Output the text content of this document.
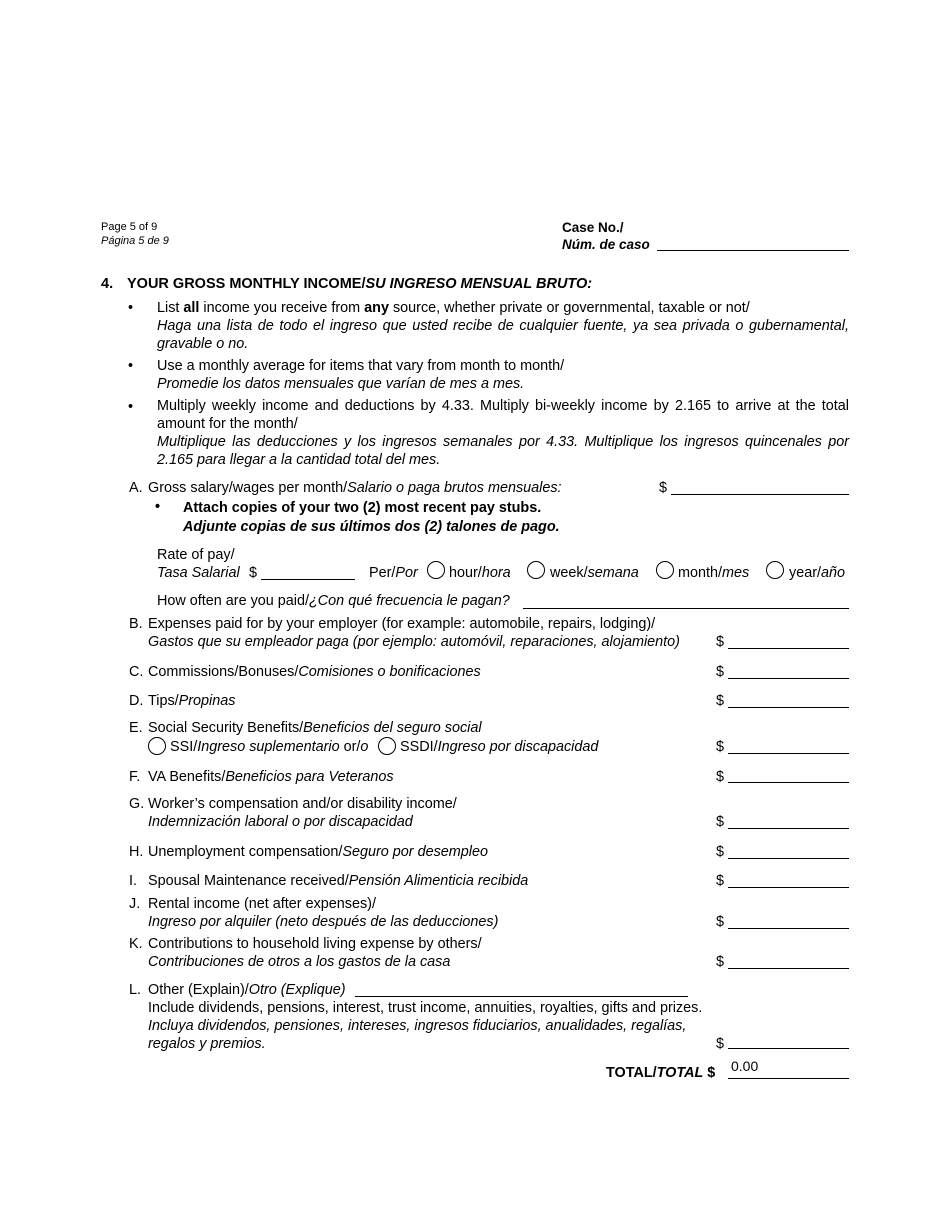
Page 5 of 9
Página 5 de 9
Case No./
Núm. de caso
4. YOUR GROSS MONTHLY INCOME/SU INGRESO MENSUAL BRUTO:
• List all income you receive from any source, whether private or governmental, taxable or not/
Haga una lista de todo el ingreso que usted recibe de cualquier fuente, ya sea privada o gubernamental,
gravable o no.
• Use a monthly average for items that vary from month to month/
Promedie los datos mensuales que varían de mes a mes.
• Multiply weekly income and deductions by 4.33. Multiply bi-weekly income by 2.165 to arrive at the total
amount for the month/
Multiplique las deducciones y los ingresos semanales por 4.33. Multiplique los ingresos quincenales por
2.165 para llegar a la cantidad total del mes.
A. Gross salary/wages per month/Salario o paga brutos mensuales:	$
• Attach copies of your two (2) most recent pay stubs.
Adjunte copias de sus últimos dos (2) talones de pago.
Rate of pay/
Tasa Salarial $	Per/Por hour/hora	week/semana	month/mes	year/año
How often are you paid/¿Con qué frecuencia le pagan?
B. Expenses paid for by your employer (for example: automobile, repairs, lodging)/
Gastos que su empleador paga (por ejemplo: automóvil, reparaciones, alojamiento)	$
C. Commissions/Bonuses/Comisiones o bonificaciones	$
D. Tips/Propinas	$
E. Social Security Benefits/Beneficios del seguro social
SSI/Ingreso suplementario or/o SSDI/Ingreso por discapacidad	$
F. VA Benefits/Beneficios para Veteranos	$
G. Worker’s compensation and/or disability income/
Indemnización laboral o por discapacidad	$
H. Unemployment compensation/Seguro por desempleo	$
I. Spousal Maintenance received/Pensión Alimenticia recibida	$
J. Rental income (net after expenses)/
Ingreso por alquiler (neto después de las deducciones)	$
K. Contributions to household living expense by others/
Contribuciones de otros a los gastos de la casa	$
L. Other (Explain)/Otro (Explique)
Include dividends, pensions, interest, trust income, annuities, royalties, gifts and prizes.
Incluya dividendos, pensiones, intereses, ingresos fiduciarios, anualidades, regalías,
regalos y premios.	$
TOTAL/TOTAL $ 0.00
